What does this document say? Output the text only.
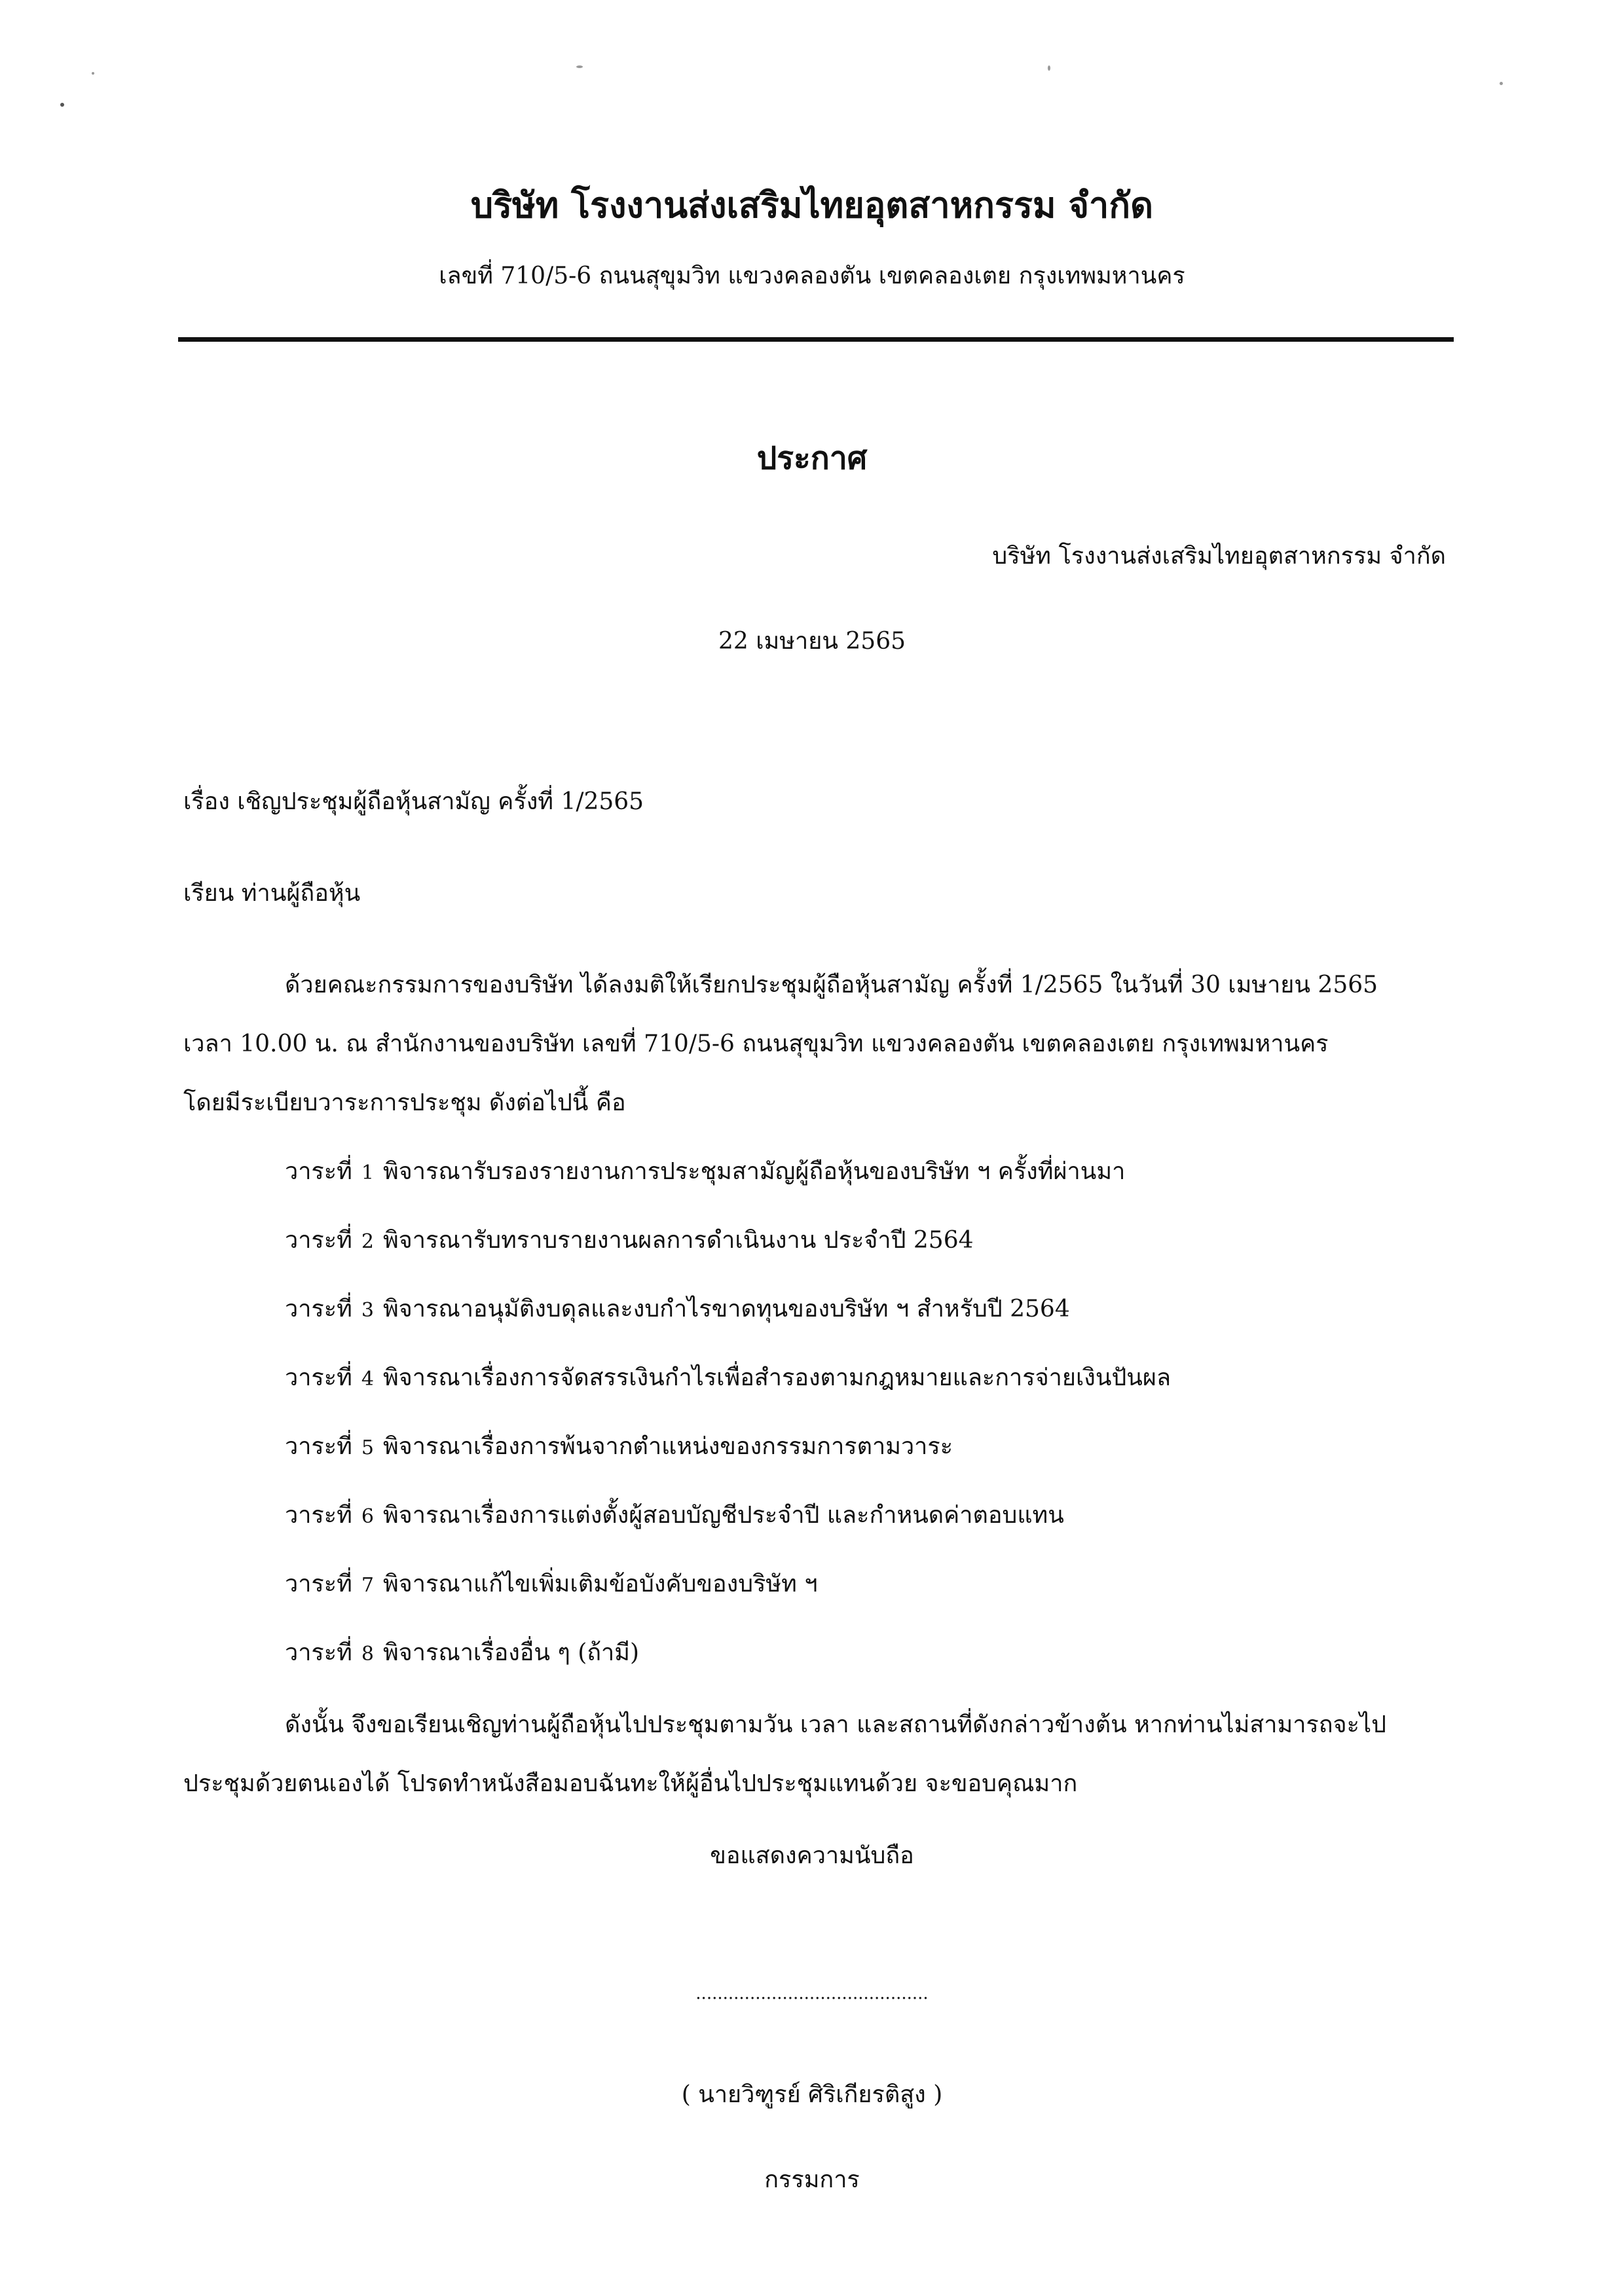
บริษัท โรงงานส่งเสริมไทยอุตสาหกรรม จำกัด
เลขที่ 710/5-6 ถนนสุขุมวิท แขวงคลองตัน เขตคลองเตย กรุงเทพมหานคร
ประกาศ
บริษัท โรงงานส่งเสริมไทยอุตสาหกรรม จำกัด
22 เมษายน 2565
เรื่อง เชิญประชุมผู้ถือหุ้นสามัญ ครั้งที่ 1/2565
เรียน ท่านผู้ถือหุ้น
ด้วยคณะกรรมการของบริษัท ได้ลงมติให้เรียกประชุมผู้ถือหุ้นสามัญ ครั้งที่ 1/2565 ในวันที่ 30 เมษายน 2565
เวลา 10.00 น. ณ สำนักงานของบริษัท เลขที่ 710/5-6 ถนนสุขุมวิท แขวงคลองตัน เขตคลองเตย กรุงเทพมหานคร
โดยมีระเบียบวาระการประชุม ดังต่อไปนี้ คือ
วาระที่ 1 พิจารณารับรองรายงานการประชุมสามัญผู้ถือหุ้นของบริษัท ฯ ครั้งที่ผ่านมา
วาระที่ 2 พิจารณารับทราบรายงานผลการดำเนินงาน ประจำปี 2564
วาระที่ 3 พิจารณาอนุมัติงบดุลและงบกำไรขาดทุนของบริษัท ฯ สำหรับปี 2564
วาระที่ 4 พิจารณาเรื่องการจัดสรรเงินกำไรเพื่อสำรองตามกฎหมายและการจ่ายเงินปันผล
วาระที่ 5 พิจารณาเรื่องการพ้นจากตำแหน่งของกรรมการตามวาระ
วาระที่ 6 พิจารณาเรื่องการแต่งตั้งผู้สอบบัญชีประจำปี และกำหนดค่าตอบแทน
วาระที่ 7 พิจารณาแก้ไขเพิ่มเติมข้อบังคับของบริษัท ฯ
วาระที่ 8 พิจารณาเรื่องอื่น ๆ (ถ้ามี)
ดังนั้น จึงขอเรียนเชิญท่านผู้ถือหุ้นไปประชุมตามวัน เวลา และสถานที่ดังกล่าวข้างต้น หากท่านไม่สามารถจะไป
ประชุมด้วยตนเองได้ โปรดทำหนังสือมอบฉันทะให้ผู้อื่นไปประชุมแทนด้วย จะขอบคุณมาก
ขอแสดงความนับถือ
...........................................
( นายวิฑูรย์ ศิริเกียรติสูง )
กรรมการ
